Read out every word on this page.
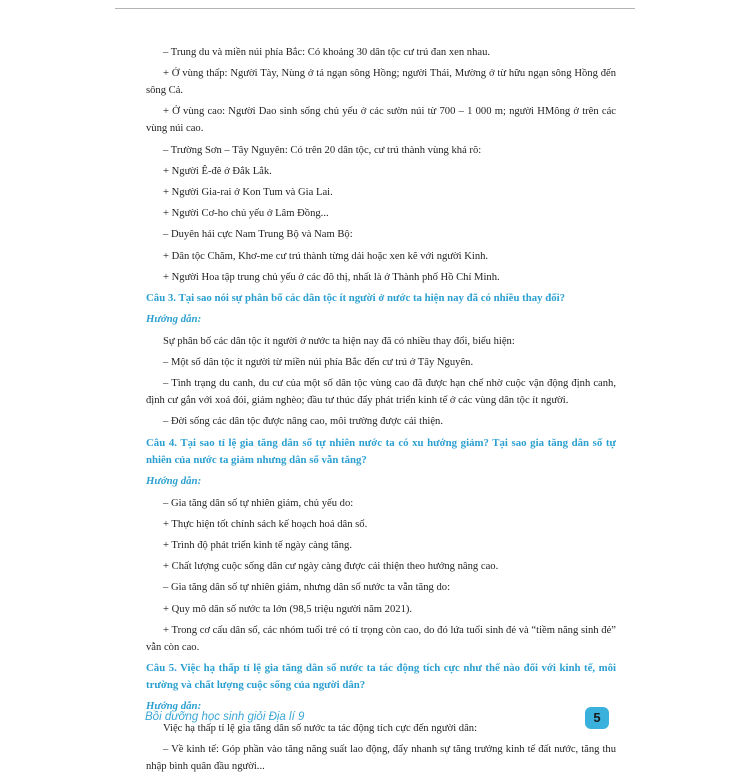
– Trung du và miền núi phía Bắc: Có khoảng 30 dân tộc cư trú đan xen nhau.

+ Ở vùng thấp: Người Tày, Nùng ở tả ngạn sông Hồng; người Thái, Mường ở từ hữu ngạn sông Hồng đến sông Cả.

+ Ở vùng cao: Người Dao sinh sống chủ yếu ở các sườn núi từ 700 – 1 000 m; người HMông ở trên các vùng núi cao.

– Trường Sơn – Tây Nguyên: Có trên 20 dân tộc, cư trú thành vùng khá rõ:

+ Người Ê-đê ở Đắk Lắk.

+ Người Gia-rai ở Kon Tum và Gia Lai.

+ Người Cơ-ho chủ yếu ở Lâm Đồng...

– Duyên hải cực Nam Trung Bộ và Nam Bộ:

+ Dân tộc Chăm, Khơ-me cư trú thành từng dải hoặc xen kẽ với người Kinh.

+ Người Hoa tập trung chủ yếu ở các đô thị, nhất là ở Thành phố Hồ Chí Minh.

Câu 3. Tại sao nói sự phân bố các dân tộc ít người ở nước ta hiện nay đã có nhiều thay đổi?

Hướng dẫn:

Sự phân bố các dân tộc ít người ở nước ta hiện nay đã có nhiều thay đổi, biểu hiện:

– Một số dân tộc ít người từ miền núi phía Bắc đến cư trú ở Tây Nguyên.

– Tình trạng du canh, du cư của một số dân tộc vùng cao đã được hạn chế nhờ cuộc vận động định canh, định cư gắn với xoá đói, giảm nghèo; đầu tư thúc đẩy phát triển kinh tế ở các vùng dân tộc ít người.

– Đời sống các dân tộc được nâng cao, môi trường được cải thiện.

Câu 4. Tại sao tỉ lệ gia tăng dân số tự nhiên nước ta có xu hướng giảm? Tại sao gia tăng dân số tự nhiên của nước ta giảm nhưng dân số vẫn tăng?

Hướng dẫn:

– Gia tăng dân số tự nhiên giảm, chủ yếu do:

+ Thực hiện tốt chính sách kế hoạch hoá dân số.

+ Trình độ phát triển kinh tế ngày càng tăng.

+ Chất lượng cuộc sống dân cư ngày càng được cải thiện theo hướng nâng cao.

– Gia tăng dân số tự nhiên giảm, nhưng dân số nước ta vẫn tăng do:

+ Quy mô dân số nước ta lớn (98,5 triệu người năm 2021).

+ Trong cơ cấu dân số, các nhóm tuổi trẻ có tỉ trọng còn cao, do đó lứa tuổi sinh đẻ và “tiềm năng sinh đẻ” vẫn còn cao.

Câu 5. Việc hạ thấp tỉ lệ gia tăng dân số nước ta tác động tích cực như thế nào đối với kinh tế, môi trường và chất lượng cuộc sống của người dân?

Hướng dẫn:

Việc hạ thấp tỉ lệ gia tăng dân số nước ta tác động tích cực đến người dân:

– Về kinh tế: Góp phần vào tăng năng suất lao động, đẩy nhanh sự tăng trưởng kinh tế đất nước, tăng thu nhập bình quân đầu người...

Bồi dưỡng học sinh giỏi Địa lí 9	5
